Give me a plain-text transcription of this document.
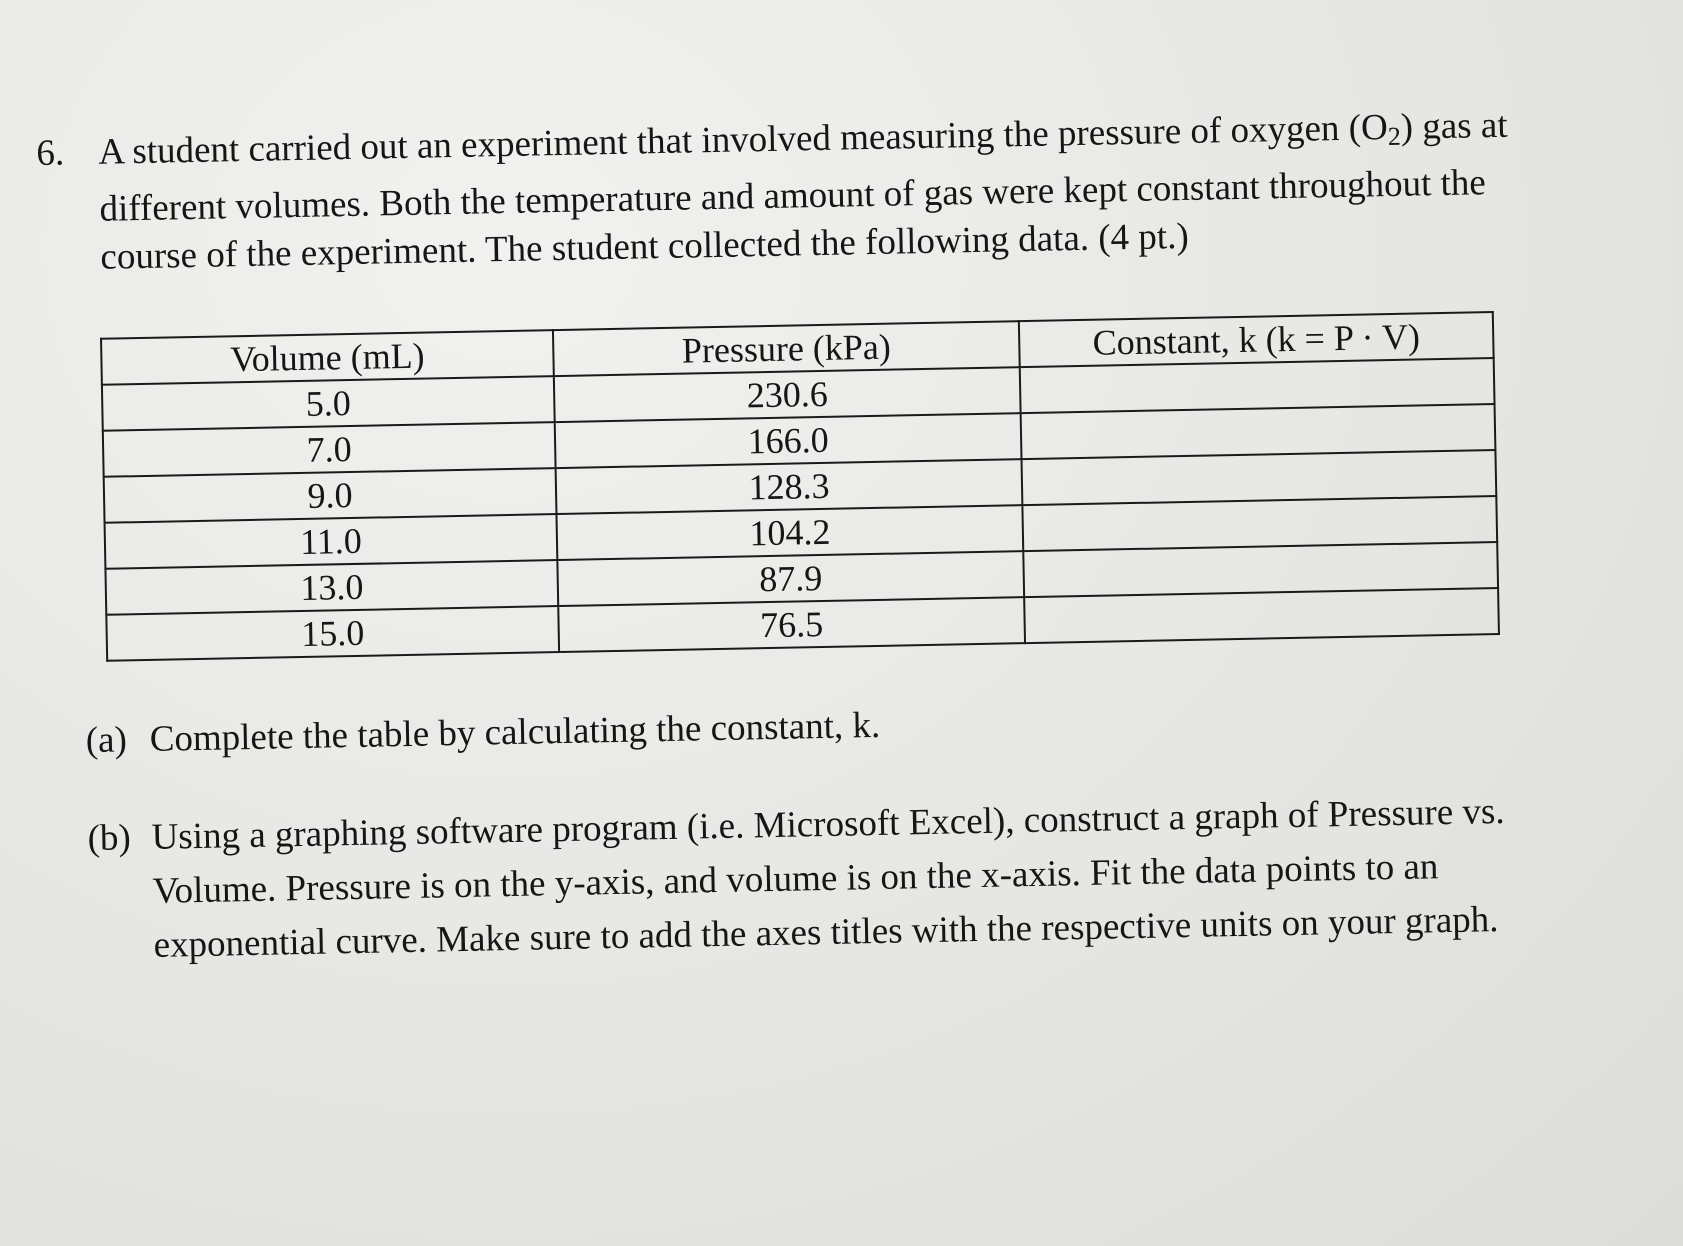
6. A student carried out an experiment that involved measuring the pressure of oxygen $(O_2)$ gas at different volumes. Both the temperature and amount of gas were kept constant throughout the course of the experiment. The student collected the following data. (4 pt.)
Volume (mL)	Pressure (kPa)	Constant, k (k = P · V)
5.0	230.6	
7.0	166.0	
9.0	128.3	
11.0	104.2	
13.0	87.9	
15.0	76.5	
(a) Complete the table by calculating the constant, k.
(b) Using a graphing software program (i.e. Microsoft Excel), construct a graph of Pressure vs. Volume. Pressure is on the y-axis, and volume is on the x-axis. Fit the data points to an exponential curve. Make sure to add the axes titles with the respective units on your graph.
